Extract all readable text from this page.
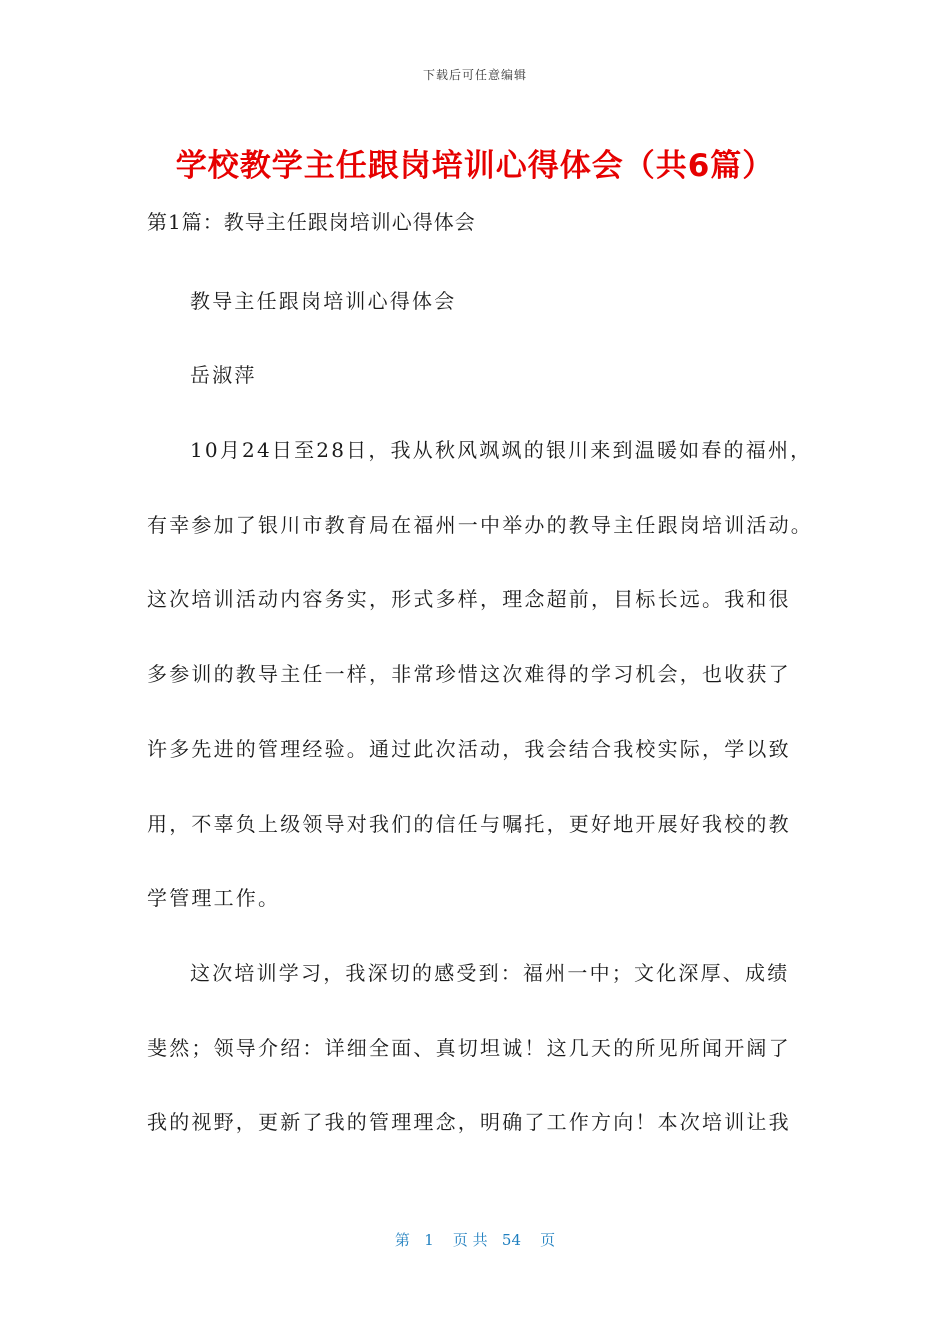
下载后可任意编辑
学校教学主任跟岗培训心得体会（共6篇）

第1篇：教导主任跟岗培训心得体会

教导主任跟岗培训心得体会

岳淑萍

10月24日至28日，我从秋风飒飒的银川来到温暖如春的福州，

有幸参加了银川市教育局在福州一中举办的教导主任跟岗培训活动。

这次培训活动内容务实，形式多样，理念超前，目标长远。我和很

多参训的教导主任一样，非常珍惜这次难得的学习机会，也收获了

许多先进的管理经验。通过此次活动，我会结合我校实际，学以致

用，不辜负上级领导对我们的信任与嘱托，更好地开展好我校的教

学管理工作。

这次培训学习，我深切的感受到：福州一中；文化深厚、成绩

斐然；领导介绍：详细全面、真切坦诚！这几天的所见所闻开阔了

我的视野，更新了我的管理理念，明确了工作方向！本次培训让我

第   1    页 共   54    页
